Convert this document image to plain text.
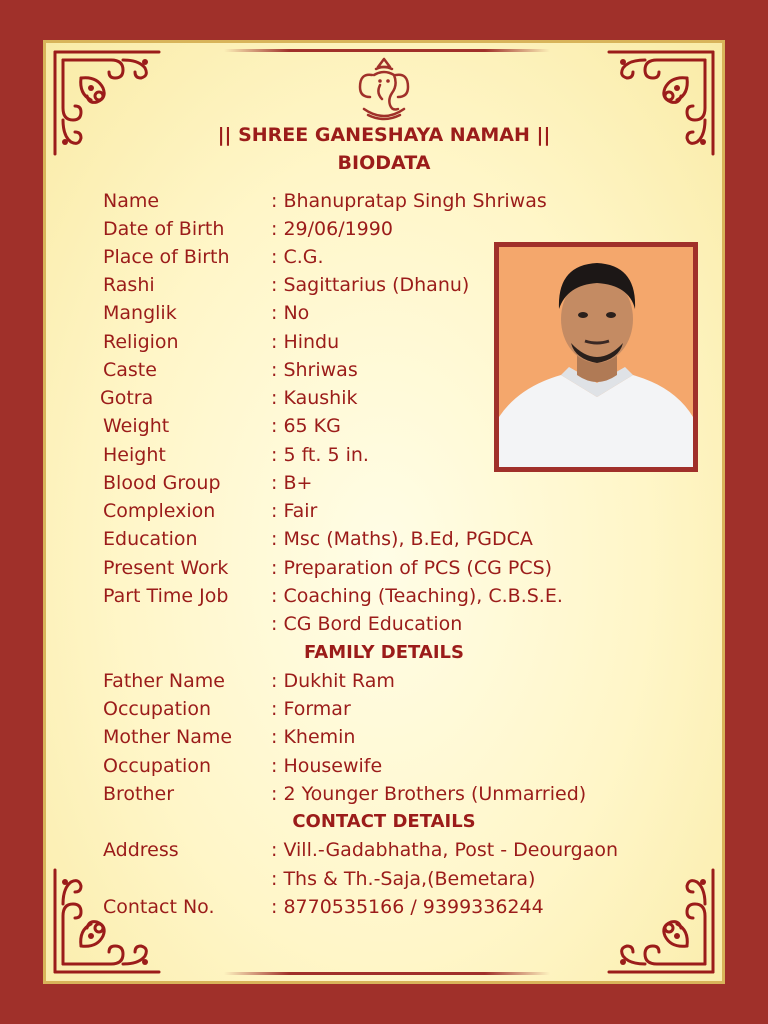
|| SHREE GANESHAYA NAMAH ||
BIODATA
Name	: Bhanupratap Singh Shriwas
Date of Birth : 29/06/1990
Place of Birth : C.G.
Rashi	: Sagittarius (Dhanu)
Manglik	: No
Religion	: Hindu
Caste	: Shriwas
Gotra	: Kaushik
Weight	: 65 KG
Height	: 5 ft. 5 in.
Blood Group	: B+
Complexion	: Fair
Education	: Msc (Maths), B.Ed, PGDCA
Present Work : Preparation of PCS (CG PCS)
Part Time Job : Coaching (Teaching), C.B.S.E.
: CG Bord Education
FAMILY DETAILS
Father Name : Dukhit Ram
Occupation	: Formar
Mother Name : Khemin
Occupation	: Housewife
Brother	: 2 Younger Brothers (Unmarried)
CONTACT DETAILS
Address	: Vill.-Gadabhatha, Post - Deourgaon
: Ths & Th.-Saja,(Bemetara)
Contact No.	: 8770535166 / 9399336244
